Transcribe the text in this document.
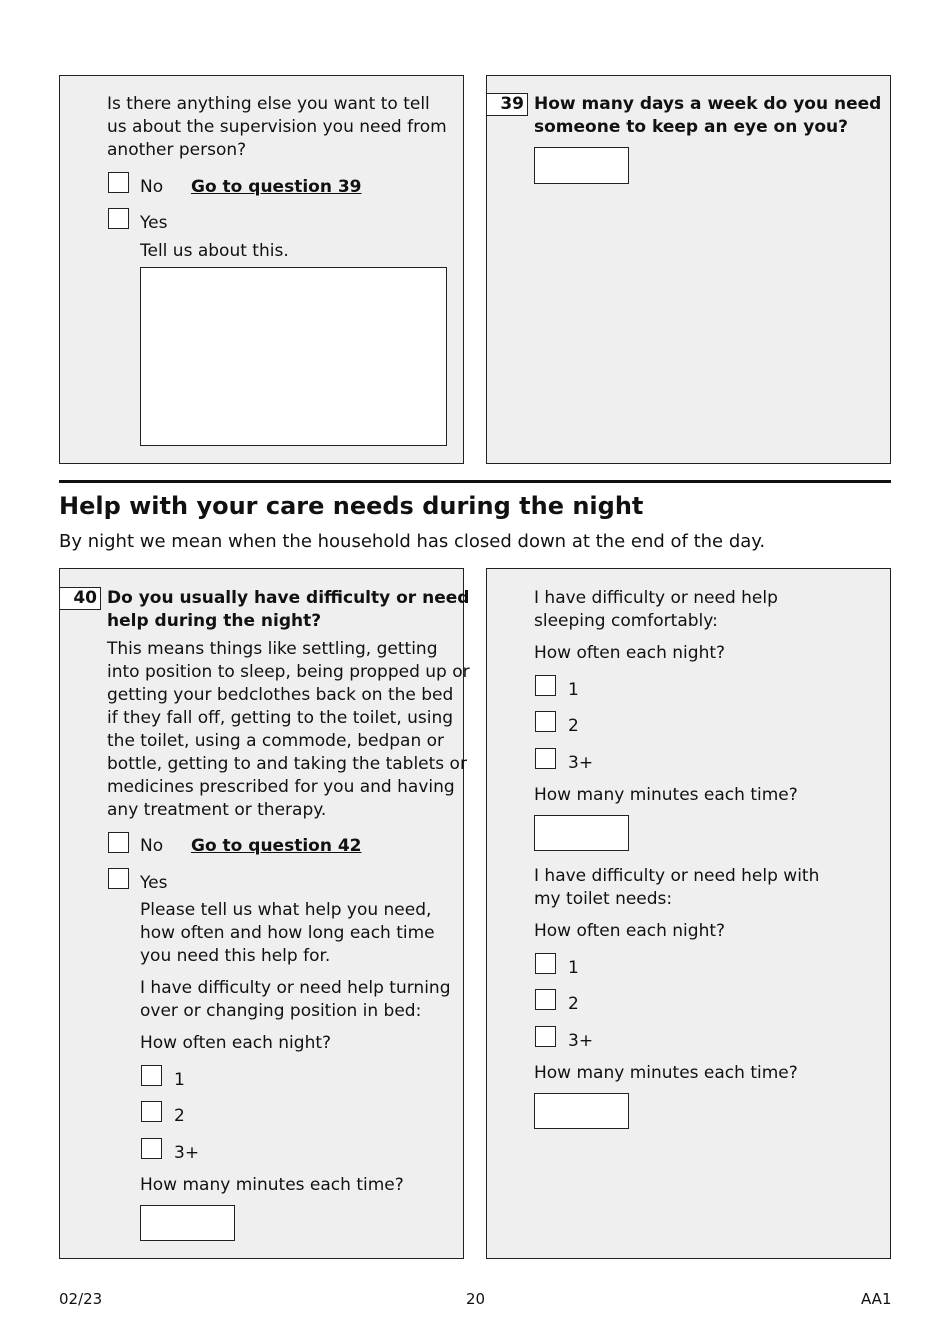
Is there anything else you want to tell

us about the supervision you need from

another person?

No Go to question 39

Yes

Tell us about this.

39 How many days a week do you need

someone to keep an eye on you?

Help with your care needs during the night

By night we mean when the household has closed down at the end of the day.

40 Do you usually have difficulty or need

help during the night?

This means things like settling, getting

into position to sleep, being propped up or

getting your bedclothes back on the bed

if they fall off, getting to the toilet, using

the toilet, using a commode, bedpan or

bottle, getting to and taking the tablets or

medicines prescribed for you and having

any treatment or therapy.

No Go to question 42

Yes

Please tell us what help you need,

how often and how long each time

you need this help for.

I have difficulty or need help turning

over or changing position in bed:

How often each night?

1

2

3+

How many minutes each time?

I have difficulty or need help

sleeping comfortably:

How often each night?

1

2

3+

How many minutes each time?

I have difficulty or need help with

my toilet needs:

How often each night?

1

2

3+

How many minutes each time?

02/23	20	AA1
